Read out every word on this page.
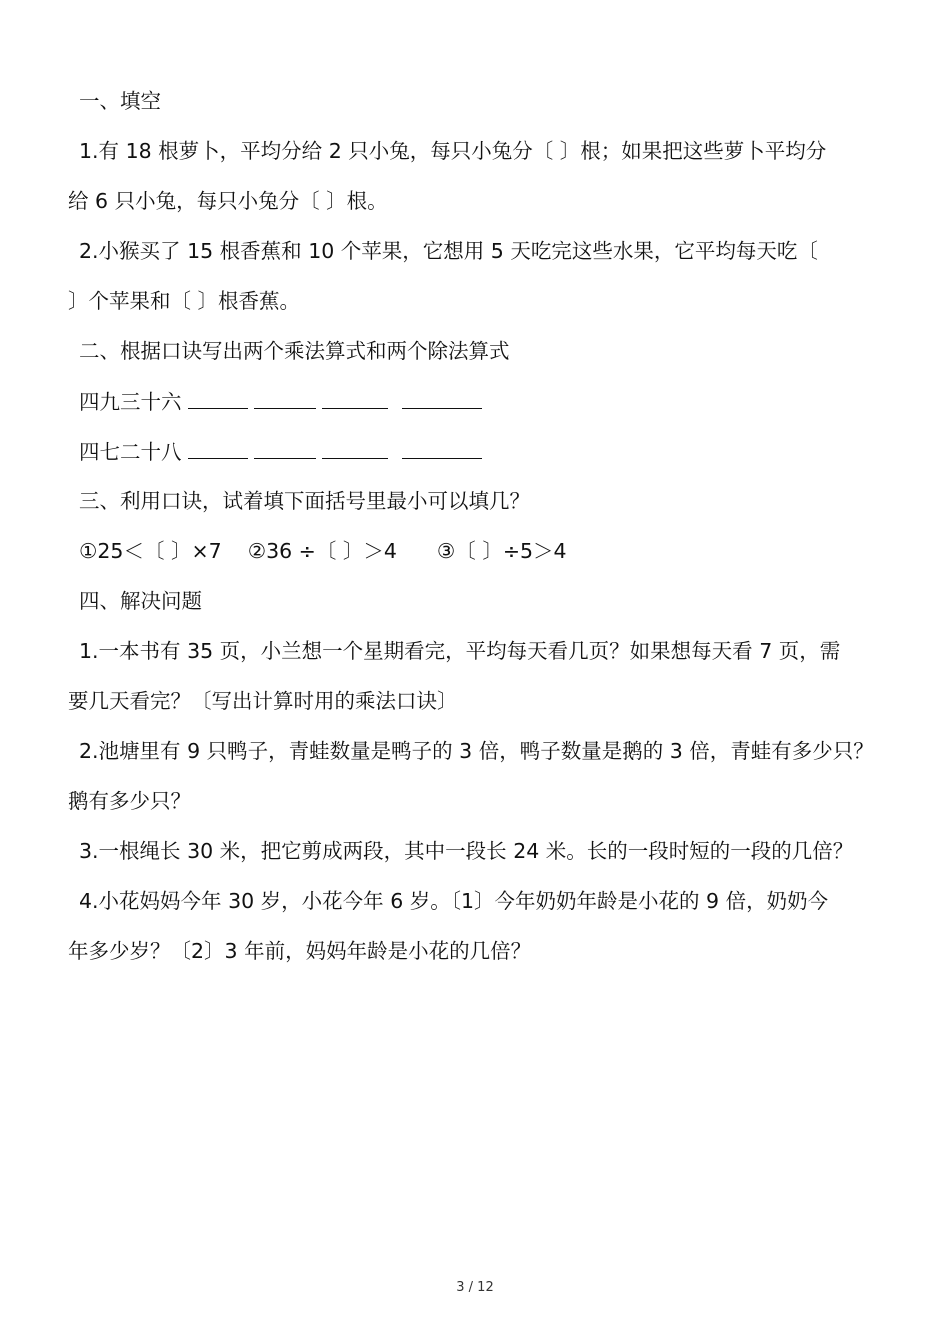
一、填空
1.有 18 根萝卜，平均分给 2 只小兔，每只小兔分〔 〕根；如果把这些萝卜平均分
给 6 只小兔，每只小兔分〔 〕根。
2.小猴买了 15 根香蕉和 10 个苹果，它想用 5 天吃完这些水果，它平均每天吃〔
〕个苹果和〔 〕根香蕉。
二、根据口诀写出两个乘法算式和两个除法算式
四九三十六
四七二十八
三、利用口诀，试着填下面括号里最小可以填几？
①25＜〔 〕×7 ②36 ÷〔 〕＞4 ③〔 〕÷5＞4
四、解决问题
1.一本书有 35 页，小兰想一个星期看完，平均每天看几页？如果想每天看 7 页，需
要几天看完？〔写出计算时用的乘法口诀〕
2.池塘里有 9 只鸭子，青蛙数量是鸭子的 3 倍，鸭子数量是鹅的 3 倍，青蛙有多少只？
鹅有多少只？
3.一根绳长 30 米，把它剪成两段，其中一段长 24 米。长的一段时短的一段的几倍？
4.小花妈妈今年 30 岁，小花今年 6 岁。〔1〕今年奶奶年龄是小花的 9 倍，奶奶今
年多少岁？〔2〕3 年前，妈妈年龄是小花的几倍？
3 / 12
